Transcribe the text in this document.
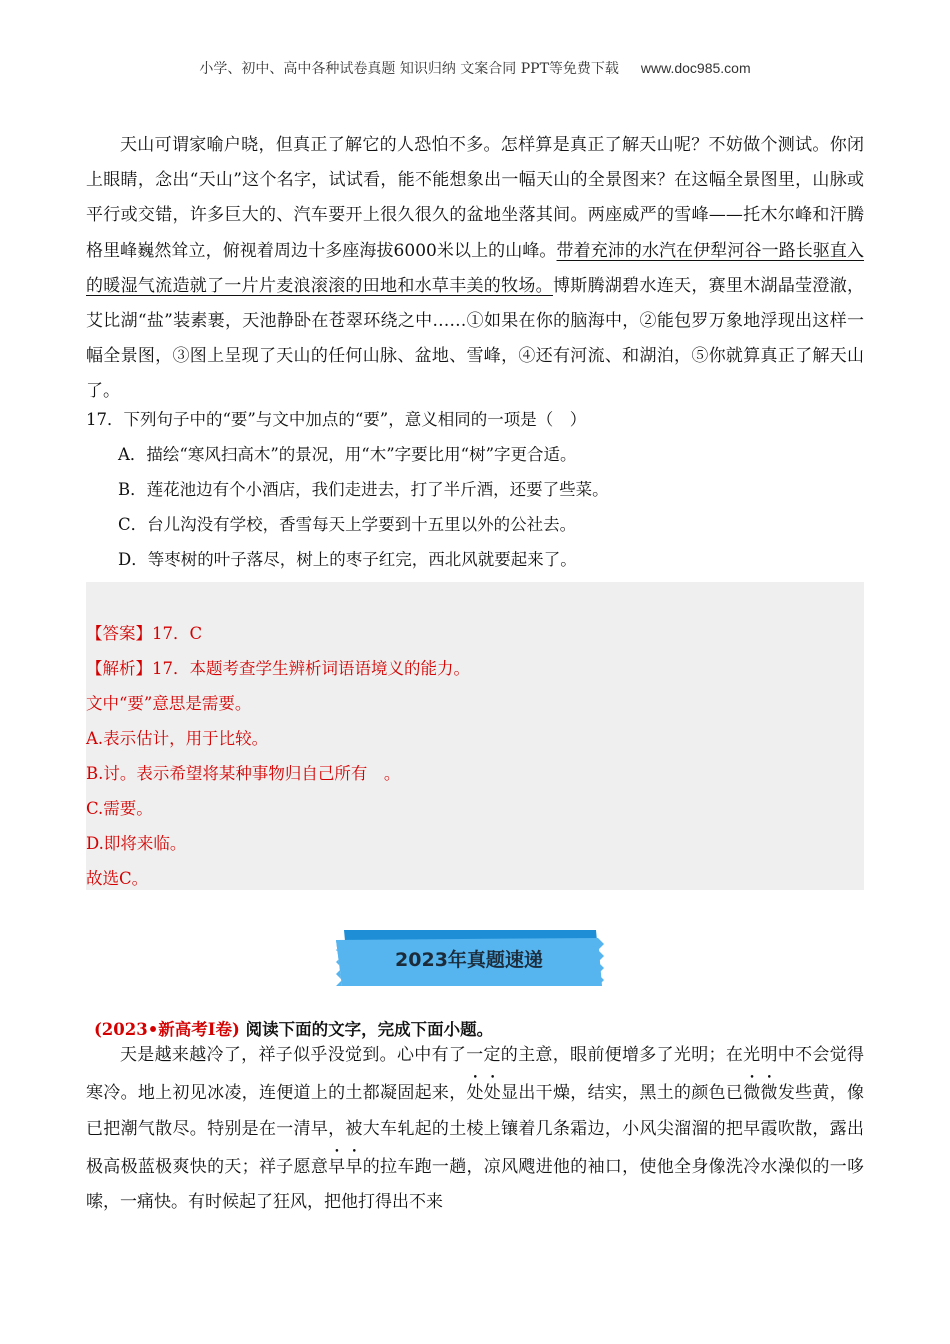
小学、初中、高中各种试卷真题 知识归纳 文案合同 PPT等免费下载 www.doc985.com

天山可谓家喻户晓，但真正了解它的人恐怕不多。怎样算是真正了解天山呢？不妨做个测试。你闭上眼睛，念出“天山”这个名字，试试看，能不能想象出一幅天山的全景图来？在这幅全景图里，山脉或平行或交错，许多巨大的、汽车要开上很久很久的盆地坐落其间。两座威严的雪峰——托木尔峰和汗腾格里峰巍然耸立，俯视着周边十多座海拔6000米以上的山峰。带着充沛的水汽在伊犁河谷一路长驱直入的暖湿气流造就了一片片麦浪滚滚的田地和水草丰美的牧场。博斯腾湖碧水连天，赛里木湖晶莹澄澈，艾比湖“盐”装素裹，天池静卧在苍翠环绕之中……①如果在你的脑海中，②能包罗万象地浮现出这样一幅全景图，③图上呈现了天山的任何山脉、盆地、雪峰，④还有河流、和湖泊，⑤你就算真正了解天山了。

17．下列句子中的“要”与文中加点的“要”，意义相同的一项是（　）

A．描绘“寒风扫高木”的景况，用“木”字要比用“树”字更合适。

B．莲花池边有个小酒店，我们走进去，打了半斤酒，还要了些菜。

C．台儿沟没有学校，香雪每天上学要到十五里以外的公社去。

D．等枣树的叶子落尽，树上的枣子红完，西北风就要起来了。

【答案】17．C
【解析】17．本题考查学生辨析词语语境义的能力。
文中“要”意思是需要。
A.表示估计，用于比较。
B.讨。表示希望将某种事物归自己所有　。
C.需要。
D.即将来临。
故选C。
2023年真题速递
(2023•新高考Ⅰ卷) 阅读下面的文字，完成下面小题。

天是越来越冷了，祥子似乎没觉到。心中有了一定的主意，眼前便增多了光明；在光明中不会觉得寒冷。地上初见冰凌，连便道上的土都凝固起来，处处显出干燥，结实，黑土的颜色已微微发些黄，像已把潮气散尽。特别是在一清早，被大车轧起的土棱上镶着几条霜边，小风尖溜溜的把早霞吹散，露出极高极蓝极爽快的天；祥子愿意早早的拉车跑一趟，凉风飕进他的袖口，使他全身像洗冷水澡似的一哆嗦，一痛快。有时候起了狂风，把他打得出不来
